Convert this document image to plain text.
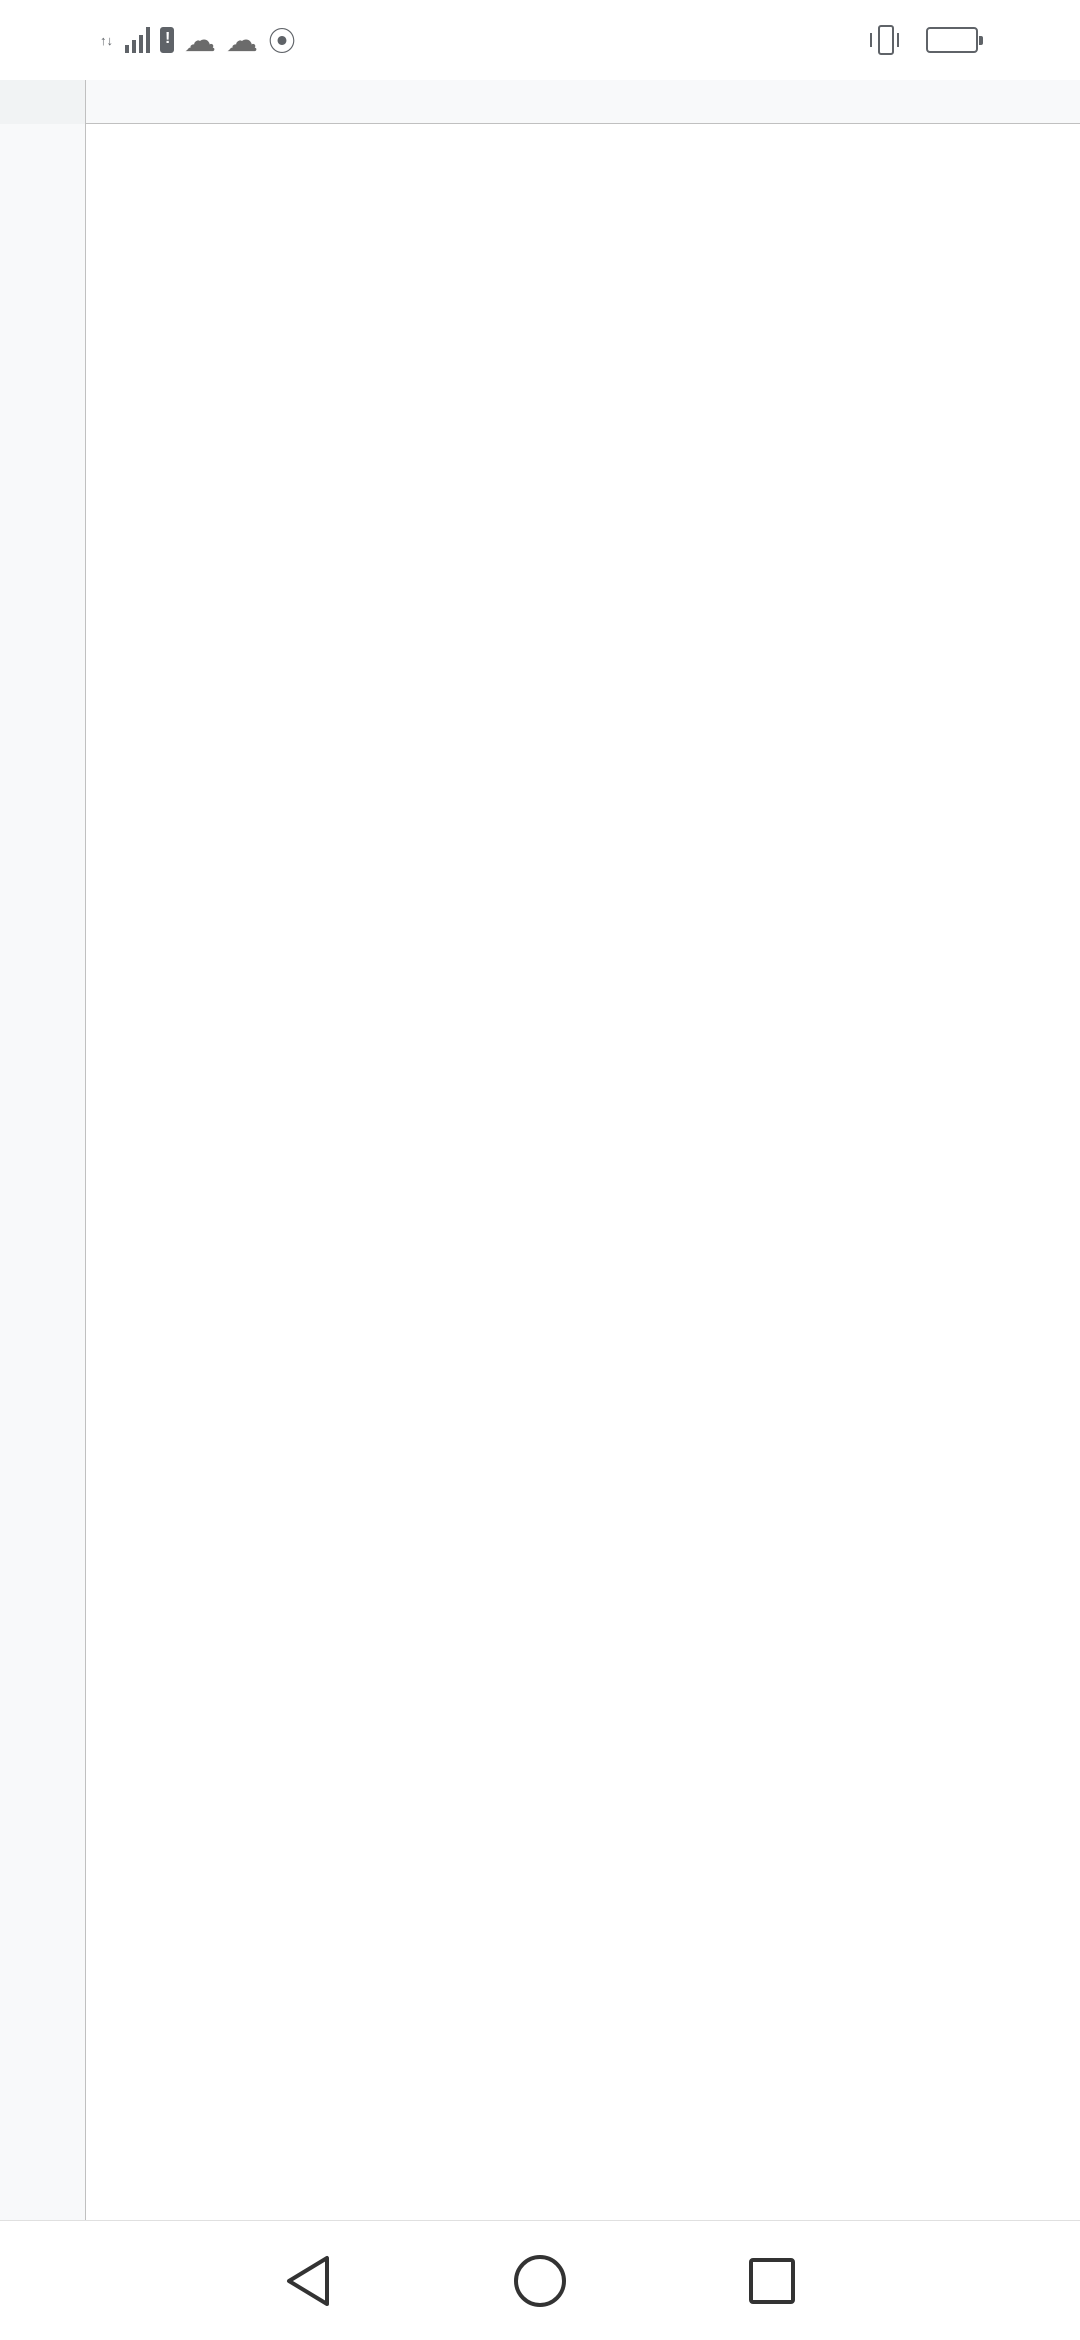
↑↓
! ☁ ☁ ⦿
